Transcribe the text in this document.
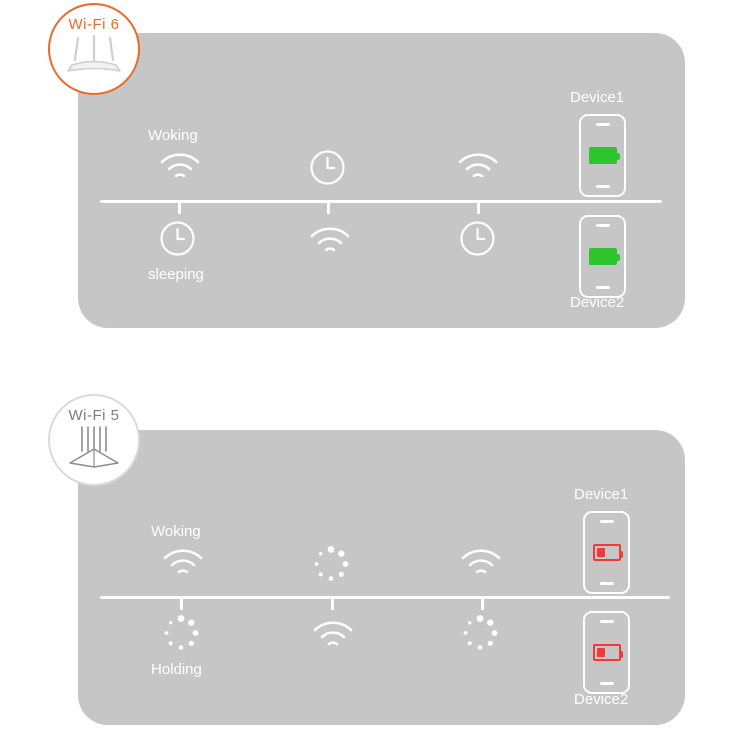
Wi-Fi 6
Woking
sleeping
Device1
Device2
Wi-Fi 5
Woking
Holding
Device1
Device2
